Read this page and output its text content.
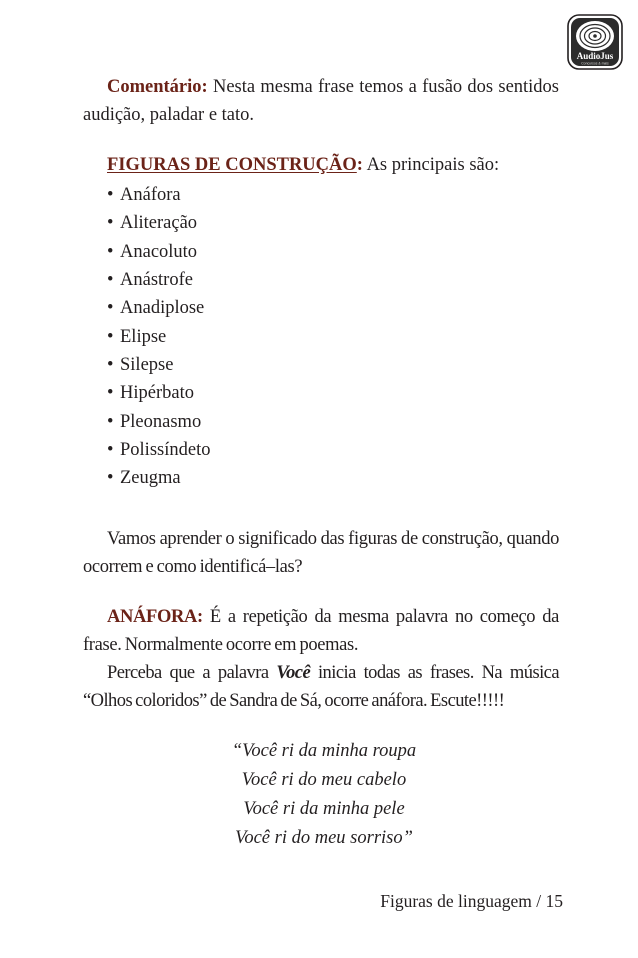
AudioJus
Concursos & mais

Comentário: Nesta mesma frase temos a fusão dos sentidos audição, paladar e tato.

FIGURAS DE CONSTRUÇÃO: As principais são:

• Anáfora
• Aliteração
• Anacoluto
• Anástrofe
• Anadiplose
• Elipse
• Silepse
• Hipérbato
• Pleonasmo
• Polissíndeto
• Zeugma

Vamos aprender o significado das figuras de construção, quando ocorrem e como identificá–las?

ANÁFORA: É a repetição da mesma palavra no começo da frase. Normalmente ocorre em poemas.

Perceba que a palavra Você inicia todas as frases. Na música “Olhos coloridos” de Sandra de Sá, ocorre anáfora. Escute!!!!!

“Você ri da minha roupa
Você ri do meu cabelo
Você ri da minha pele
Você ri do meu sorriso”
Figuras de linguagem / 15
